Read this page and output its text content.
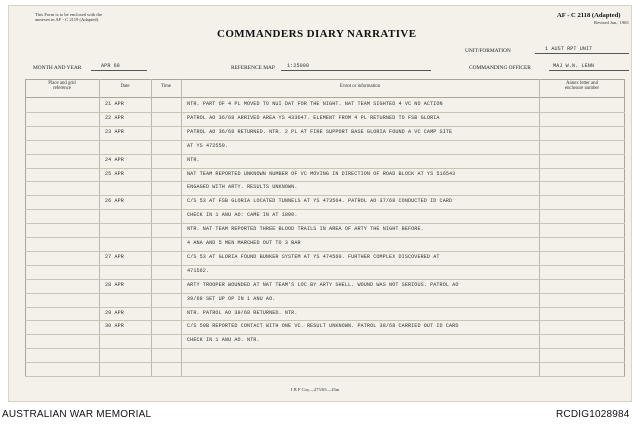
This Form is to be enclosed with the
annexes in AF - C 2119 (Adapted).
COMMANDERS DIARY NARRATIVE
AF - C 2118 (Adapted)
Revised Jan., 1965
UNIT/FORMATION	1 AUST RPT UNIT
MONTH AND YEAR	APR 68	REFERENCE MAP 1:25000	COMMANDING OFFICER	MAJ W.N. LENN
Place and grid
reference	Date	Time	Event or information
Annex letter and
enclosure number
21 APR	NTR. PART OF 4 PL MOVED TO NUI DAT FOR THE NIGHT. NAT TEAM SIGHTED 4 VC NO ACTION
22 APR	PATROL AO 36/68 ARRIVED AREA YS 433647. ELEMENT FROM 4 PL RETURNED TO FSB GLORIA
23 APR	PATROL AO 36/68 RETURNED. NTR. 2 PL AT FIRE SUPPORT BASE GLORIA FOUND A VC CAMP SITE
AT YS 472550.
24 APR	NTR.
25 APR	NAT TEAM REPORTED UNKNOWN NUMBER OF VC MOVING IN DIRECTION OF ROAD BLOCK AT YS 516543
ENGAGED WITH ARTY. RESULTS UNKNOWN.
26 APR	C/S 53 AT FSB GLORIA LOCATED TUNNELS AT YS 473564. PATROL AO 37/68 CONDUCTED ID CARD
CHECK IN 1 ANU AO: CAME IN AT 1800.
NTR. NAT TEAM REPORTED THREE BLOOD TRAILS IN AREA OF ARTY THE NIGHT BEFORE.
4 ANA AND 5 MEN MARCHED OUT TO 3 BAR
27 APR	C/S 53 AT GLORIA FOUND BUNKER SYSTEM AT YS 474560. FURTHER COMPLEX DISCOVERED AT
471562.
28 APR	ARTY TROOPER WOUNDED AT NAT TEAM'S LOC BY ARTY SHELL. WOUND WAS NOT SERIOUS. PATROL AO
39/68 SET UP OP IN 1 ANU AO.
29 APR	NTR. PATROL AO 39/68 RETURNED. NTR.
30 APR	C/S 50B REPORTED CONTACT WITH ONE VC. RESULT UNKNOWN. PATROL 38/68 CARRIED OUT ID CARD
CHECK IN 1 ANU AO. NTR.
I B F Coy—275/65—25m
AUSTRALIAN WAR MEMORIAL	RCDIG1028984
